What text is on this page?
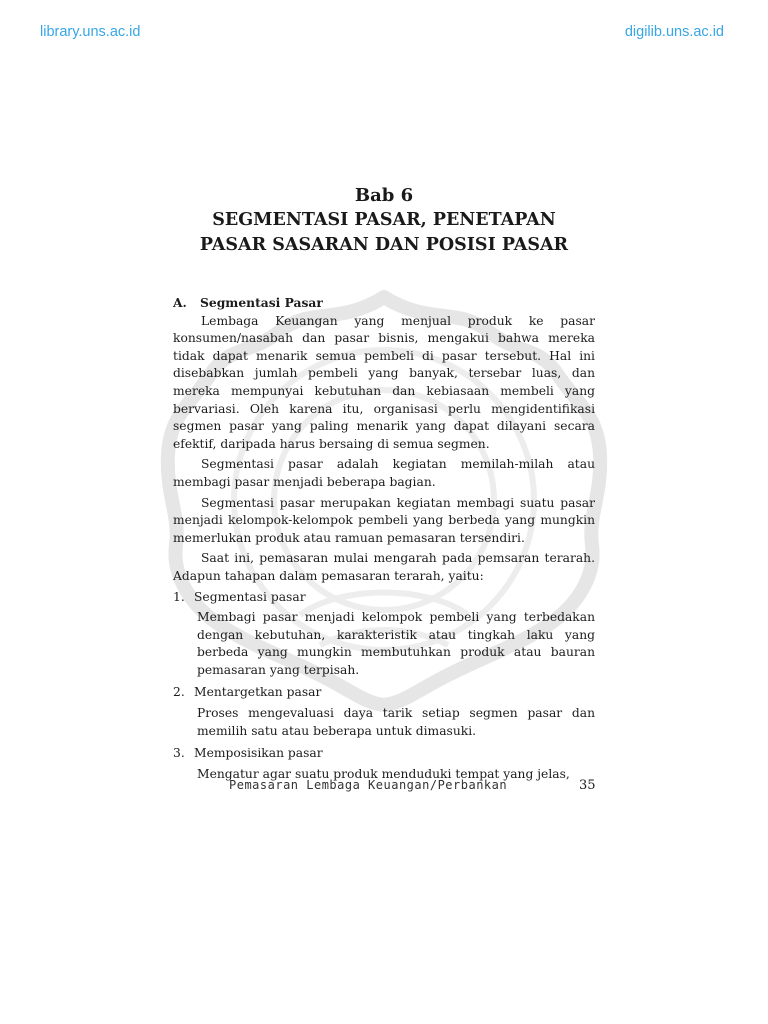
library.uns.ac.id	digilib.uns.ac.id
Bab 6
SEGMENTASI PASAR, PENETAPAN
PASAR SASARAN DAN POSISI PASAR
A. Segmentasi Pasar

Lembaga Keuangan yang menjual produk ke pasar konsumen/nasabah dan pasar bisnis, mengakui bahwa mereka tidak dapat menarik semua pembeli di pasar tersebut. Hal ini disebabkan jumlah pembeli yang banyak, tersebar luas, dan mereka mempunyai kebutuhan dan kebiasaan membeli yang bervariasi. Oleh karena itu, organisasi perlu mengidentifikasi segmen pasar yang paling menarik yang dapat dilayani secara efektif, daripada harus bersaing di semua segmen.

Segmentasi pasar adalah kegiatan memilah-milah atau membagi pasar menjadi beberapa bagian.

Segmentasi pasar merupakan kegiatan membagi suatu pasar menjadi kelompok-kelompok pembeli yang berbeda yang mungkin memerlukan produk atau ramuan pemasaran tersendiri.

Saat ini, pemasaran mulai mengarah pada pemsaran terarah. Adapun tahapan dalam pemasaran terarah, yaitu:

1. Segmentasi pasar
Membagi pasar menjadi kelompok pembeli yang terbedakan dengan kebutuhan, karakteristik atau tingkah laku yang berbeda yang mungkin membutuhkan produk atau bauran pemasaran yang terpisah.
2. Mentargetkan pasar
Proses mengevaluasi daya tarik setiap segmen pasar dan memilih satu atau beberapa untuk dimasuki.
3. Memposisikan pasar
Mengatur agar suatu produk menduduki tempat yang jelas,
Pemasaran Lembaga Keuangan/Perbankan	35
